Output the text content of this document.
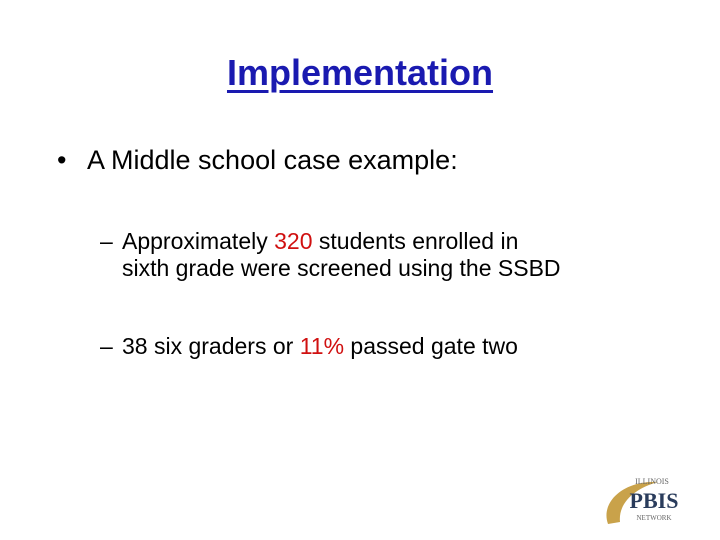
Implementation
• A Middle school case example:
– Approximately 320 students enrolled in
sixth grade were screened using the SSBD
– 38 six graders or 11% passed gate two
ILLINOIS
PBIS
NETWORK
